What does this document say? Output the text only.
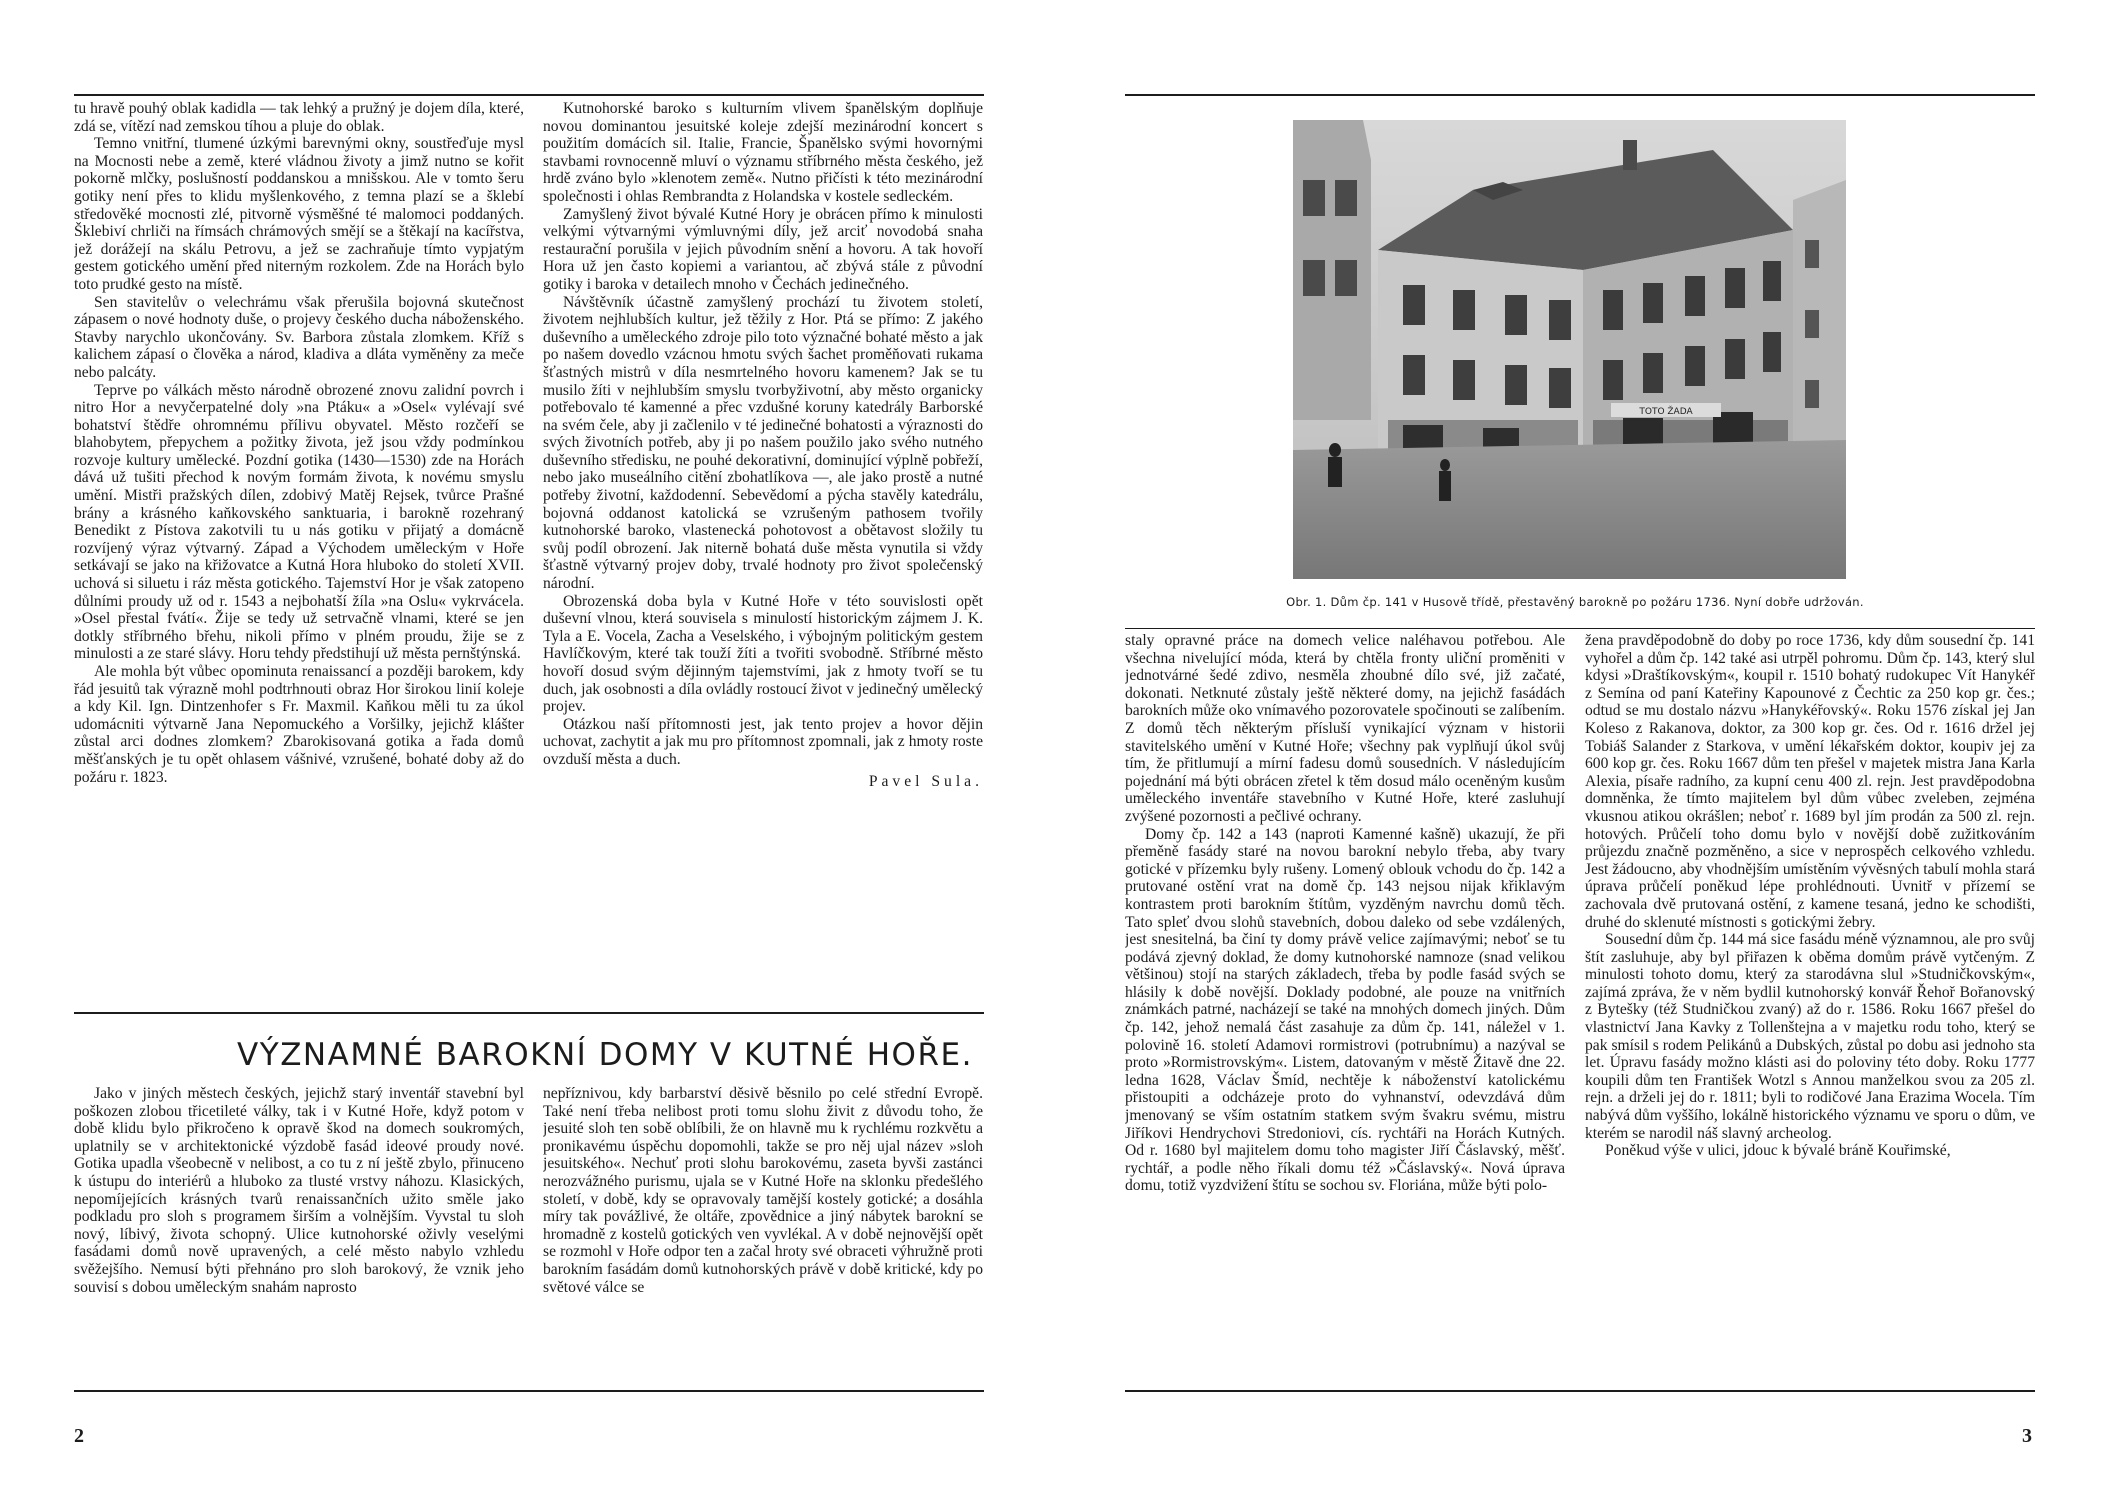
tu hravě pouhý oblak kadidla — tak lehký a pružný je dojem díla, které, zdá se, vítězí nad zemskou tíhou a pluje do oblak.

Temno vnitřní, tlumené úzkými barevnými okny, soustřeďuje mysl na Mocnosti nebe a země, které vládnou životy a jimž nutno se kořit pokorně mlčky, poslušností poddanskou a mnišskou. Ale v tomto šeru gotiky není přes to klidu myšlenkového, z temna plazí se a šklebí středověké mocnosti zlé, pitvorně výsměšné té malomoci poddaných. Šklebiví chrliči na římsách chrámových smějí se a štěkají na kacířstva, jež dorážejí na skálu Petrovu, a jež se zachraňuje tímto vypjatým gestem gotického umění před niterným rozkolem. Zde na Horách bylo toto prudké gesto na místě.

Sen stavitelův o velechrámu však přerušila bojovná skutečnost zápasem o nové hodnoty duše, o projevy českého ducha náboženského. Stavby narychlo ukončovány. Sv. Barbora zůstala zlomkem. Kříž s kalichem zápasí o člověka a národ, kladiva a dláta vyměněny za meče nebo palcáty.

Teprve po válkách město národně obrozené znovu zalidní povrch i nitro Hor a nevyčerpatelné doly »na Ptáku« a »Osel« vylévají své bohatství štědře ohromnému přílivu obyvatel. Město rozčeří se blahobytem, přepychem a požitky života, jež jsou vždy podmínkou rozvoje kultury umělecké. Pozdní gotika (1430—1530) zde na Horách dává už tušiti přechod k novým formám života, k novému smyslu umění. Mistři pražských dílen, zdobivý Matěj Rejsek, tvůrce Prašné brány a krásného kaňkovského sanktuaria, i barokně rozehraný Benedikt z Pístova zakotvili tu u nás gotiku v přijatý a domácně rozvíjený výraz výtvarný. Západ a Východem uměleckým v Hoře setkávají se jako na křižovatce a Kutná Hora hluboko do století XVII. uchová si siluetu i ráz města gotického. Tajemství Hor je však zatopeno důlními proudy už od r. 1543 a nejbohatší žíla »na Oslu« vykrvácela. »Osel přestal fvátí«. Žije se tedy už setrvačně vlnami, které se jen dotkly stříbrného břehu, nikoli přímo v plném proudu, žije se z minulosti a ze staré slávy. Horu tehdy předstihují už města pernštýnská.

Ale mohla být vůbec opominuta renaissancí a později barokem, kdy řád jesuitů tak výrazně mohl podtrhnouti obraz Hor širokou linií koleje a kdy Kil. Ign. Dintzenhofer s Fr. Maxmil. Kaňkou měli tu za úkol udomácniti výtvarně Jana Nepomuckého a Voršilky, jejichž klášter zůstal arci dodnes zlomkem? Zbarokisovaná gotika a řada domů měšťanských je tu opět ohlasem vášnivé, vzrušené, bohaté doby až do požáru r. 1823.

Kutnohorské baroko s kulturním vlivem španělským doplňuje novou dominantou jesuitské koleje zdejší mezinárodní koncert s použitím domácích sil. Italie, Francie, Španělsko svými hovornými stavbami rovnocenně mluví o významu stříbrného města českého, jež hrdě zváno bylo »klenotem země«. Nutno přičísti k této mezinárodní společnosti i ohlas Rembrandta z Holandska v kostele sedleckém.

Zamyšlený život bývalé Kutné Hory je obrácen přímo k minulosti velkými výtvarnými výmluvnými díly, jež arciť novodobá snaha restaurační porušila v jejich původním snění a hovoru. A tak hovoří Hora už jen často kopiemi a variantou, ač zbývá stále z původní gotiky i baroka v detailech mnoho v Čechách jedinečného.

Návštěvník účastně zamyšlený prochází tu životem století, životem nejhlubších kultur, jež těžily z Hor. Ptá se přímo: Z jakého duševního a uměleckého zdroje pilo toto význačné bohaté město a jak po našem dovedlo vzácnou hmotu svých šachet proměňovati rukama šťastných mistrů v díla nesmrtelného hovoru kamenem? Jak se tu musilo žíti v nejhlubším smyslu tvorbyživotní, aby město organicky potřebovalo té kamenné a přec vzdušné koruny katedrály Barborské na svém čele, aby ji začlenilo v té jedinečné bohatosti a výraznosti do svých životních potřeb, aby ji po našem použilo jako svého nutného duševního středisku, ne pouhé dekorativní, dominující výplně pobřeží, nebo jako museálního citění zbohatlíkova —, ale jako prostě a nutné potřeby životní, každodenní. Sebevědomí a pýcha stavěly katedrálu, bojovná oddanost katolická se vzrušeným pathosem tvořily kutnohorské baroko, vlastenecká pohotovost a obětavost složily tu svůj podíl obrození. Jak niterně bohatá duše města vynutila si vždy šťastně výtvarný projev doby, trvalé hodnoty pro život společenský národní.

Obrozenská doba byla v Kutné Hoře v této souvislosti opět duševní vlnou, která souvisela s minulostí historickým zájmem J. K. Tyla a E. Vocela, Zacha a Veselského, i výbojným politickým gestem Havlíčkovým, které tak touží žíti a tvořiti svobodně. Stříbrné město hovoří dosud svým dějinným tajemstvími, jak z hmoty tvoří se tu duch, jak osobnosti a díla ovládly rostoucí život v jedinečný umělecký projev.

Otázkou naší přítomnosti jest, jak tento projev a hovor dějin uchovat, zachytit a jak mu pro přítomnost zpomnali, jak z hmoty roste ovzduší města a duch.

Pavel Sula.
VÝZNAMNÉ BAROKNÍ DOMY V KUTNÉ HOŘE.

Jako v jiných městech českých, jejichž starý inventář stavební byl poškozen zlobou třicetileté války, tak i v Kutné Hoře, když potom v době klidu bylo přikročeno k opravě škod na domech soukromých, uplatnily se v architektonické výzdobě fasád ideové proudy nové. Gotika upadla všeobecně v nelibost, a co tu z ní ještě zbylo, přinuceno k ústupu do interiérů a hluboko za tlusté vrstvy náhozu. Klasických, nepomíjejících krásných tvarů renaissančních užito směle jako podkladu pro sloh s programem širším a volnějším. Vyvstal tu sloh nový, líbivý, života schopný. Ulice kutnohorské oživly veselými fasádami domů nově upravených, a celé město nabylo vzhledu svěžejšího. Nemusí býti přehnáno pro sloh barokový, že vznik jeho souvisí s dobou uměleckým snahám naprosto

nepříznivou, kdy barbarství děsivě běsnilo po celé střední Evropě. Také není třeba nelibost proti tomu slohu živit z důvodu toho, že jesuité sloh ten sobě oblíbili, že on hlavně mu k rychlému rozkvětu a pronikavému úspěchu dopomohli, takže se pro něj ujal název »sloh jesuitského«. Nechuť proti slohu barokovému, zaseta byvši zastánci nerozvážného purismu, ujala se v Kutné Hoře na sklonku předešlého století, v době, kdy se opravovaly tamější kostely gotické; a dosáhla míry tak povážlivé, že oltáře, zpovědnice a jiný nábytek barokní se hromadně z kostelů gotických ven vyvlékal. A v době nejnovější opět se rozmohl v Hoře odpor ten a začal hroty své obraceti výhružně proti barokním fasádám domů kutnohorských právě v době kritické, kdy po světové válce se

2
TOTO ŽADA
Obr. 1. Dům čp. 141 v Husově třídě, přestavěný barokně po požáru 1736. Nyní dobře udržován.

staly opravné práce na domech velice naléhavou potřebou. Ale všechna nivelující móda, která by chtěla fronty uliční proměniti v jednotvárné šedé zdivo, nesměla zhoubné dílo své, již začaté, dokonati. Netknuté zůstaly ještě některé domy, na jejichž fasádách barokních může oko vnímavého pozorovatele spočinouti se zalíbením. Z domů těch některým přísluší vynikající význam v historii stavitelského umění v Kutné Hoře; všechny pak vyplňují úkol svůj tím, že přitlumují a mírní fadesu domů sousedních. V následujícím pojednání má býti obrácen zřetel k těm dosud málo oceněným kusům uměleckého inventáře stavebního v Kutné Hoře, které zasluhují zvýšené pozornosti a pečlivé ochrany.

Domy čp. 142 a 143 (naproti Kamenné kašně) ukazují, že při přeměně fasády staré na novou barokní nebylo třeba, aby tvary gotické v přízemku byly rušeny. Lomený oblouk vchodu do čp. 142 a prutované ostění vrat na domě čp. 143 nejsou nijak křiklavým kontrastem proti barokním štítům, vyzděným navrchu domů těch. Tato spleť dvou slohů stavebních, dobou daleko od sebe vzdálených, jest snesitelná, ba činí ty domy právě velice zajímavými; neboť se tu podává zjevný doklad, že domy kutnohorské namnoze (snad velikou většinou) stojí na starých základech, třeba by podle fasád svých se hlásily k době novější. Doklady podobné, ale pouze na vnitřních známkách patrné, nacházejí se také na mnohých domech jiných. Dům čp. 142, jehož nemalá část zasahuje za dům čp. 141, náležel v 1. polovině 16. století Adamovi rormistrovi (potrubnímu) a nazýval se proto »Rormistrovským«. Listem, datovaným v městě Žitavě dne 22. ledna 1628, Václav Šmíd, nechtěje k náboženství katolickému přistoupiti a odcházeje proto do vyhnanství, odevzdává dům jmenovaný se vším ostatním statkem svým švakru svému, mistru Jiříkovi Hendrychovi Stredoniovi, cís. rychtáři na Horách Kutných. Od r. 1680 byl majitelem domu toho magister Jiří Čáslavský, měšť. rychtář, a podle něho říkali domu též »Čáslavský«. Nová úprava domu, totiž vyzdvižení štítu se sochou sv. Floriána, může býti polo-

žena pravděpodobně do doby po roce 1736, kdy dům sousední čp. 141 vyhořel a dům čp. 142 také asi utrpěl pohromu. Dům čp. 143, který slul kdysi »Draštíkovským«, koupil r. 1510 bohatý rudokupec Vít Hanykéř z Semína od paní Kateřiny Kapounové z Čechtic za 250 kop gr. čes.; odtud se mu dostalo názvu »Hanykéřovský«. Roku 1576 získal jej Jan Koleso z Rakanova, doktor, za 300 kop gr. čes. Od r. 1616 držel jej Tobiáš Salander z Starkova, v umění lékařském doktor, koupiv jej za 600 kop gr. čes. Roku 1667 dům ten přešel v majetek mistra Jana Karla Alexia, písaře radního, za kupní cenu 400 zl. rejn. Jest pravděpodobna domněnka, že tímto majitelem byl dům vůbec zveleben, zejména vkusnou atikou okrášlen; neboť r. 1689 byl jím prodán za 500 zl. rejn. hotových. Průčelí toho domu bylo v novější době zužitkováním průjezdu značně pozměněno, a sice v neprospěch celkového vzhledu. Jest žádoucno, aby vhodnějším umístěním vývěsných tabulí mohla stará úprava průčelí poněkud lépe prohlédnouti. Uvnitř v přízemí se zachovala dvě prutovaná ostění, z kamene tesaná, jedno ke schodišti, druhé do sklenuté místnosti s gotickými žebry.

Sousední dům čp. 144 má sice fasádu méně významnou, ale pro svůj štít zasluhuje, aby byl přiřazen k oběma domům právě vytčeným. Z minulosti tohoto domu, který za starodávna slul »Studničkovským«, zajímá zpráva, že v něm bydlil kutnohorský konvář Řehoř Bořanovský z Bytešky (též Studničkou zvaný) až do r. 1586. Roku 1667 přešel do vlastnictví Jana Kavky z Tollenštejna a v majetku rodu toho, který se pak smísil s rodem Pelikánů a Dubských, zůstal po dobu asi jednoho sta let. Úpravu fasády možno klásti asi do poloviny této doby. Roku 1777 koupili dům ten František Wotzl s Annou manželkou svou za 205 zl. rejn. a drželi jej do r. 1811; byli to rodičové Jana Erazima Wocela. Tím nabývá dům vyššího, lokálně historického významu ve sporu o dům, ve kterém se narodil náš slavný archeolog.

Poněkud výše v ulici, jdouc k bývalé bráně Kouřimské,

3
